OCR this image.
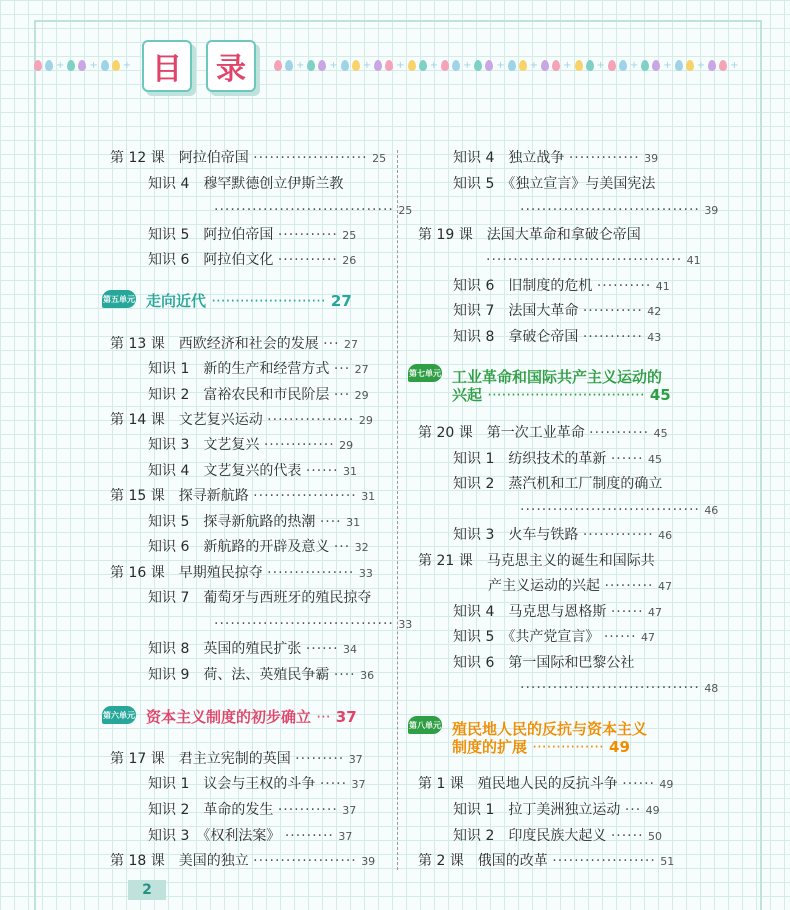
+	+	+ 目	录	+	+	+	+	+	+	+	+	+	+	+	+	+	+
第 12 课　阿拉伯帝国 ····················· 25
知识 4　穆罕默德创立伊斯兰教
································· 25
知识 5　阿拉伯帝国 ··········· 25
知识 6　阿拉伯文化 ··········· 26
第五单元 走向近代 ························ 27
第 13 课　西欧经济和社会的发展 ··· 27
知识 1　新的生产和经营方式 ··· 27
知识 2　富裕农民和市民阶层 ··· 29
第 14 课　文艺复兴运动 ················ 29
知识 3　文艺复兴 ············· 29
知识 4　文艺复兴的代表 ······ 31
第 15 课　探寻新航路 ··················· 31
知识 5　探寻新航路的热潮 ···· 31
知识 6　新航路的开辟及意义 ··· 32
第 16 课　早期殖民掠夺 ················ 33
知识 7　葡萄牙与西班牙的殖民掠夺
································· 33
知识 8　英国的殖民扩张 ······ 34
知识 9　荷、法、英殖民争霸 ···· 36
第六单元 资本主义制度的初步确立 ··· 37
第 17 课　君主立宪制的英国 ········· 37
知识 1　议会与王权的斗争 ····· 37
知识 2　革命的发生 ··········· 37
知识 3　《权利法案》 ········· 37
第 18 课　美国的独立 ··················· 39
知识 4　独立战争 ············· 39
知识 5　《独立宣言》与美国宪法
································· 39
第 19 课　法国大革命和拿破仑帝国
···································· 41
知识 6　旧制度的危机 ·········· 41
知识 7　法国大革命 ··········· 42
知识 8　拿破仑帝国 ··········· 43
第七单元 工业革命和国际共产主义运动的
兴起 ································· 45
第 20 课　第一次工业革命 ··········· 45
知识 1　纺织技术的革新 ······ 45
知识 2　蒸汽机和工厂制度的确立
································· 46
知识 3　火车与铁路 ············· 46
第 21 课　马克思主义的诞生和国际共
产主义运动的兴起 ········· 47
知识 4　马克思与恩格斯 ······ 47
知识 5　《共产党宣言》 ······ 47
知识 6　第一国际和巴黎公社
································· 48
第八单元 殖民地人民的反抗与资本主义
制度的扩展 ··············· 49
第 1 课　殖民地人民的反抗斗争 ······ 49
知识 1　拉丁美洲独立运动 ··· 49
知识 2　印度民族大起义 ······ 50
第 2 课　俄国的改革 ··················· 51
2
